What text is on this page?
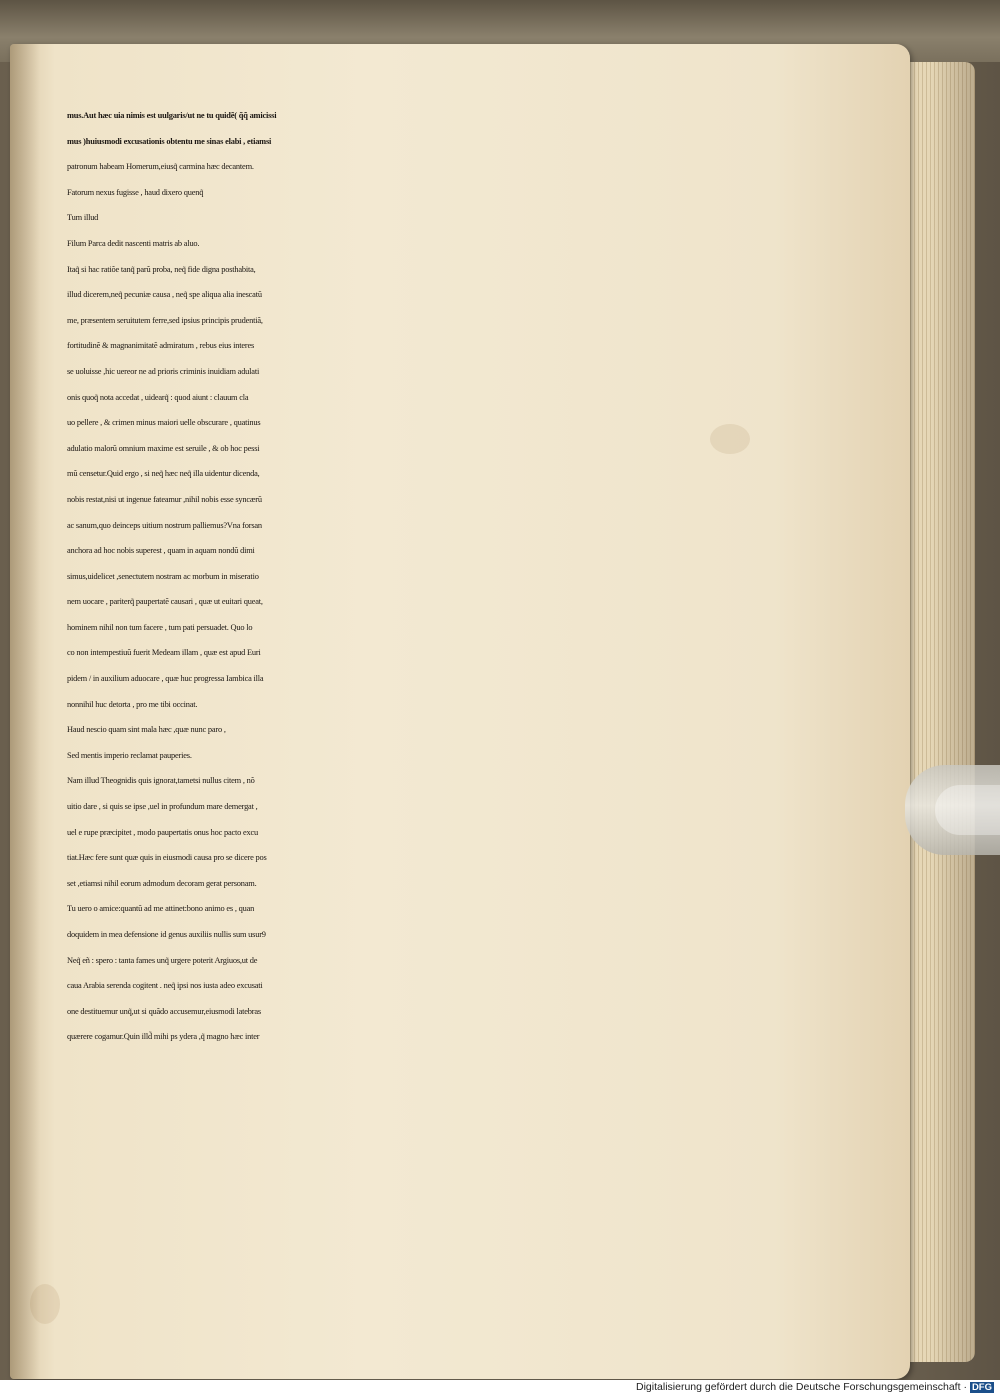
mus.Aut hæc uia nimis est uulgaris/ut ne tu quidẽ( q̃q̃ amicissi
mus )huiusmodi excusationis obtentu me sinas elabi , etiamsi
patronum habeam Homerum,eiusq̃ carmina hæc decantem.
Fatorum nexus fugisse , haud dixero quenq̃
Tum illud
Filum Parca dedit nascenti matris ab aluo.
Itaq̃ si hac ratiõe tanq̃ parũ proba, neq̃ fide digna posthabita,
illud dicerem,neq̃ pecuniæ causa , neq̃ spe aliqua alia inescatũ
me, præsentem seruitutem ferre,sed ipsius principis prudentiã,
fortitudinẽ & magnanimitatẽ admiratum , rebus eius interes
se uoluisse ,hic uereor ne ad prioris criminis inuidiam adulati
onis quoq̃ nota accedat , uidearq̃ : quod aiunt : clauum cla
uo pellere , & crimen minus maiori uelle obscurare , quatinus
adulatio malorũ omnium maxime est seruile , & ob hoc pessi
mũ censetur.Quid ergo , si neq̃ hæc neq̃ illa uidentur dicenda,
nobis restat,nisi ut ingenue fateamur ,nihil nobis esse syncærũ
ac sanum,quo deinceps uitium nostrum palliemus?Vna forsan
anchora ad hoc nobis superest , quam in aquam nondũ dimi
simus,uidelicet ,senectutem nostram ac morbum in miseratio
nem uocare , pariterq̃ paupertatẽ causari , quæ ut euitari queat,
hominem nihil non tum facere , tum pati persuadet. Quo lo
co non intempestiuũ fuerit Medeam illam , quæ est apud Euri
pidem / in auxilium aduocare , quæ huc progressa Iambica illa
nonnihil huc detorta , pro me tibi occinat.
Haud nescio quam sint mala hæc ,quæ nunc paro ,
Sed mentis imperio reclamat pauperies.
Nam illud Theognidis quis ignorat,tametsi nullus citem , nõ
uitio dare , si quis se ipse ,uel in profundum mare demergat ,
uel e rupe præcipitet , modo paupertatis onus hoc pacto excu
tiat.Hæc fere sunt quæ quis in eiusmodi causa pro se dicere pos
set ,etiamsi nihil eorum admodum decoram gerat personam.
Tu uero o amice:quantũ ad me attinet:bono animo es , quan
doquidem in mea defensione id genus auxiliis nullis sum usur9
Neq̃ eñ : spero : tanta fames unq̃ urgere poterit Argiuos,ut de
caua Arabia serenda cogitent . neq̃ ipsi nos iusta adeo excusati
one destituemur unq̃,ut si quãdo accusemur,eiusmodi latebras
quærere cogamur.Quin illd̃ mihi ps ydera ,q̃ magno hæc inter
Digitalisierung gefördert durch die Deutsche Forschungsgemeinschaft · DFG
